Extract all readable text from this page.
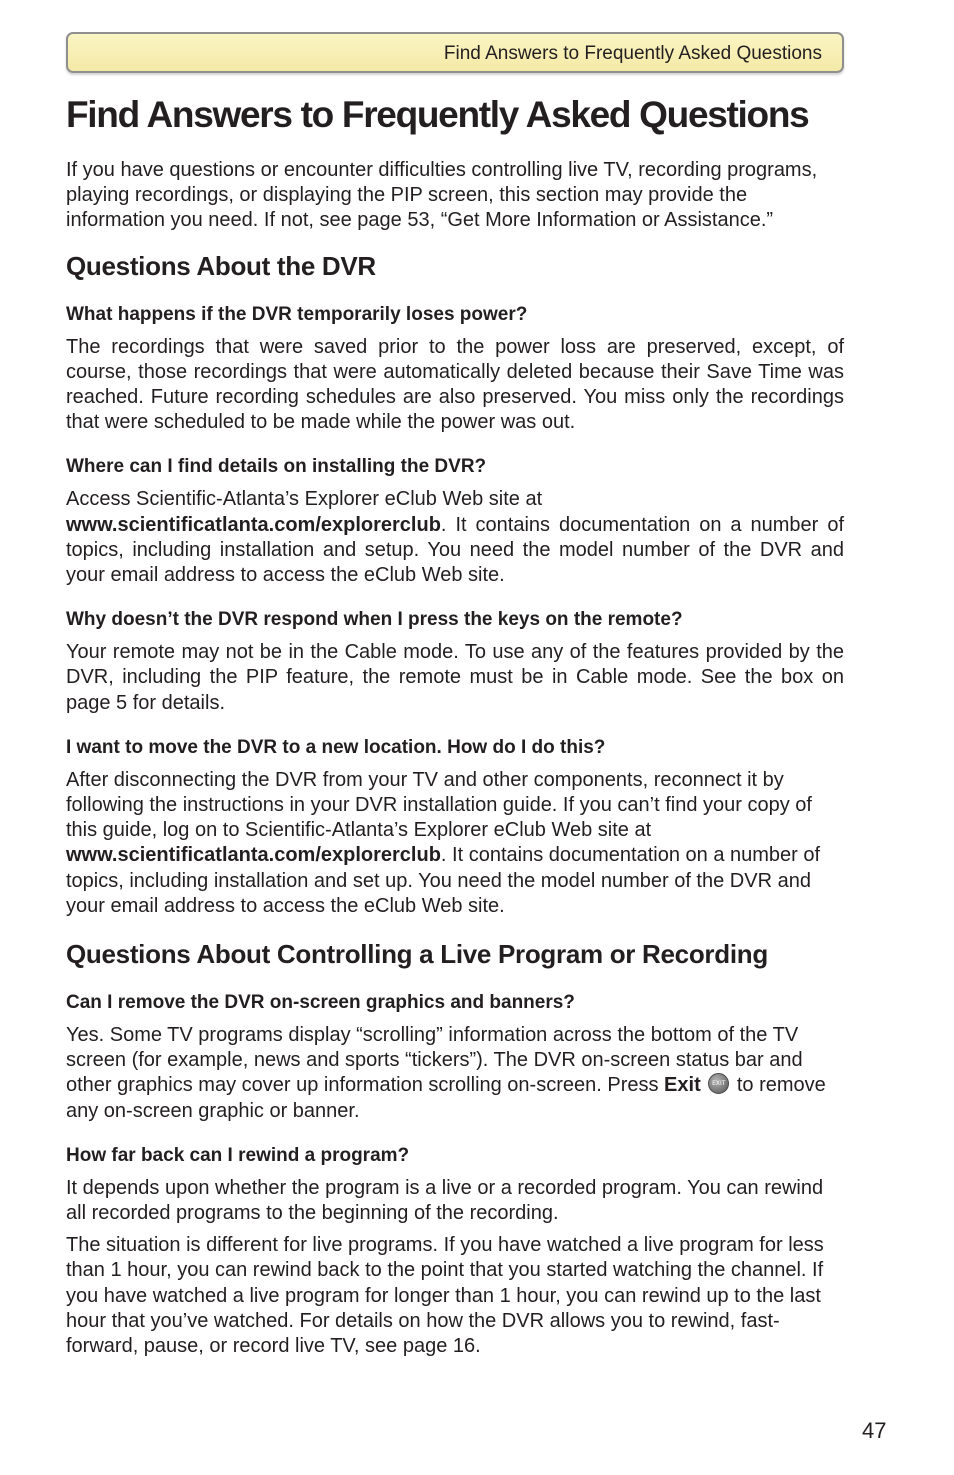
Find Answers to Frequently Asked Questions
Find Answers to Frequently Asked Questions

If you have questions or encounter difficulties controlling live TV, recording programs, playing recordings, or displaying the PIP screen, this section may provide the information you need. If not, see page 53, “Get More Information or Assistance.”

Questions About the DVR
What happens if the DVR temporarily loses power?

The recordings that were saved prior to the power loss are preserved, except, of course, those recordings that were automatically deleted because their Save Time was reached. Future recording schedules are also preserved. You miss only the recordings that were scheduled to be made while the power was out.

Where can I find details on installing the DVR?

Access Scientific-Atlanta’s Explorer eClub Web site at
www.scientificatlanta.com/explorerclub. It contains documentation on a number of topics, including installation and setup. You need the model number of the DVR and your email address to access the eClub Web site.

Why doesn’t the DVR respond when I press the keys on the remote?

Your remote may not be in the Cable mode. To use any of the features provided by the DVR, including the PIP feature, the remote must be in Cable mode. See the box on page 5 for details.

I want to move the DVR to a new location. How do I do this?

After disconnecting the DVR from your TV and other components, reconnect it by following the instructions in your DVR installation guide. If you can’t find your copy of this guide, log on to Scientific-Atlanta’s Explorer eClub Web site at
www.scientificatlanta.com/explorerclub. It contains documentation on a number of topics, including installation and set up. You need the model number of the DVR and your email address to access the eClub Web site.

Questions About Controlling a Live Program or Recording
Can I remove the DVR on-screen graphics and banners?

Yes. Some TV programs display “scrolling” information across the bottom of the TV screen (for example, news and sports “tickers”). The DVR on-screen status bar and other graphics may cover up information scrolling on-screen. Press Exit EXIT to remove any on-screen graphic or banner.

How far back can I rewind a program?

It depends upon whether the program is a live or a recorded program. You can rewind all recorded programs to the beginning of the recording.

The situation is different for live programs. If you have watched a live program for less than 1 hour, you can rewind back to the point that you started watching the channel. If you have watched a live program for longer than 1 hour, you can rewind up to the last hour that you’ve watched. For details on how the DVR allows you to rewind, fast-forward, pause, or record live TV, see page 16.

47
